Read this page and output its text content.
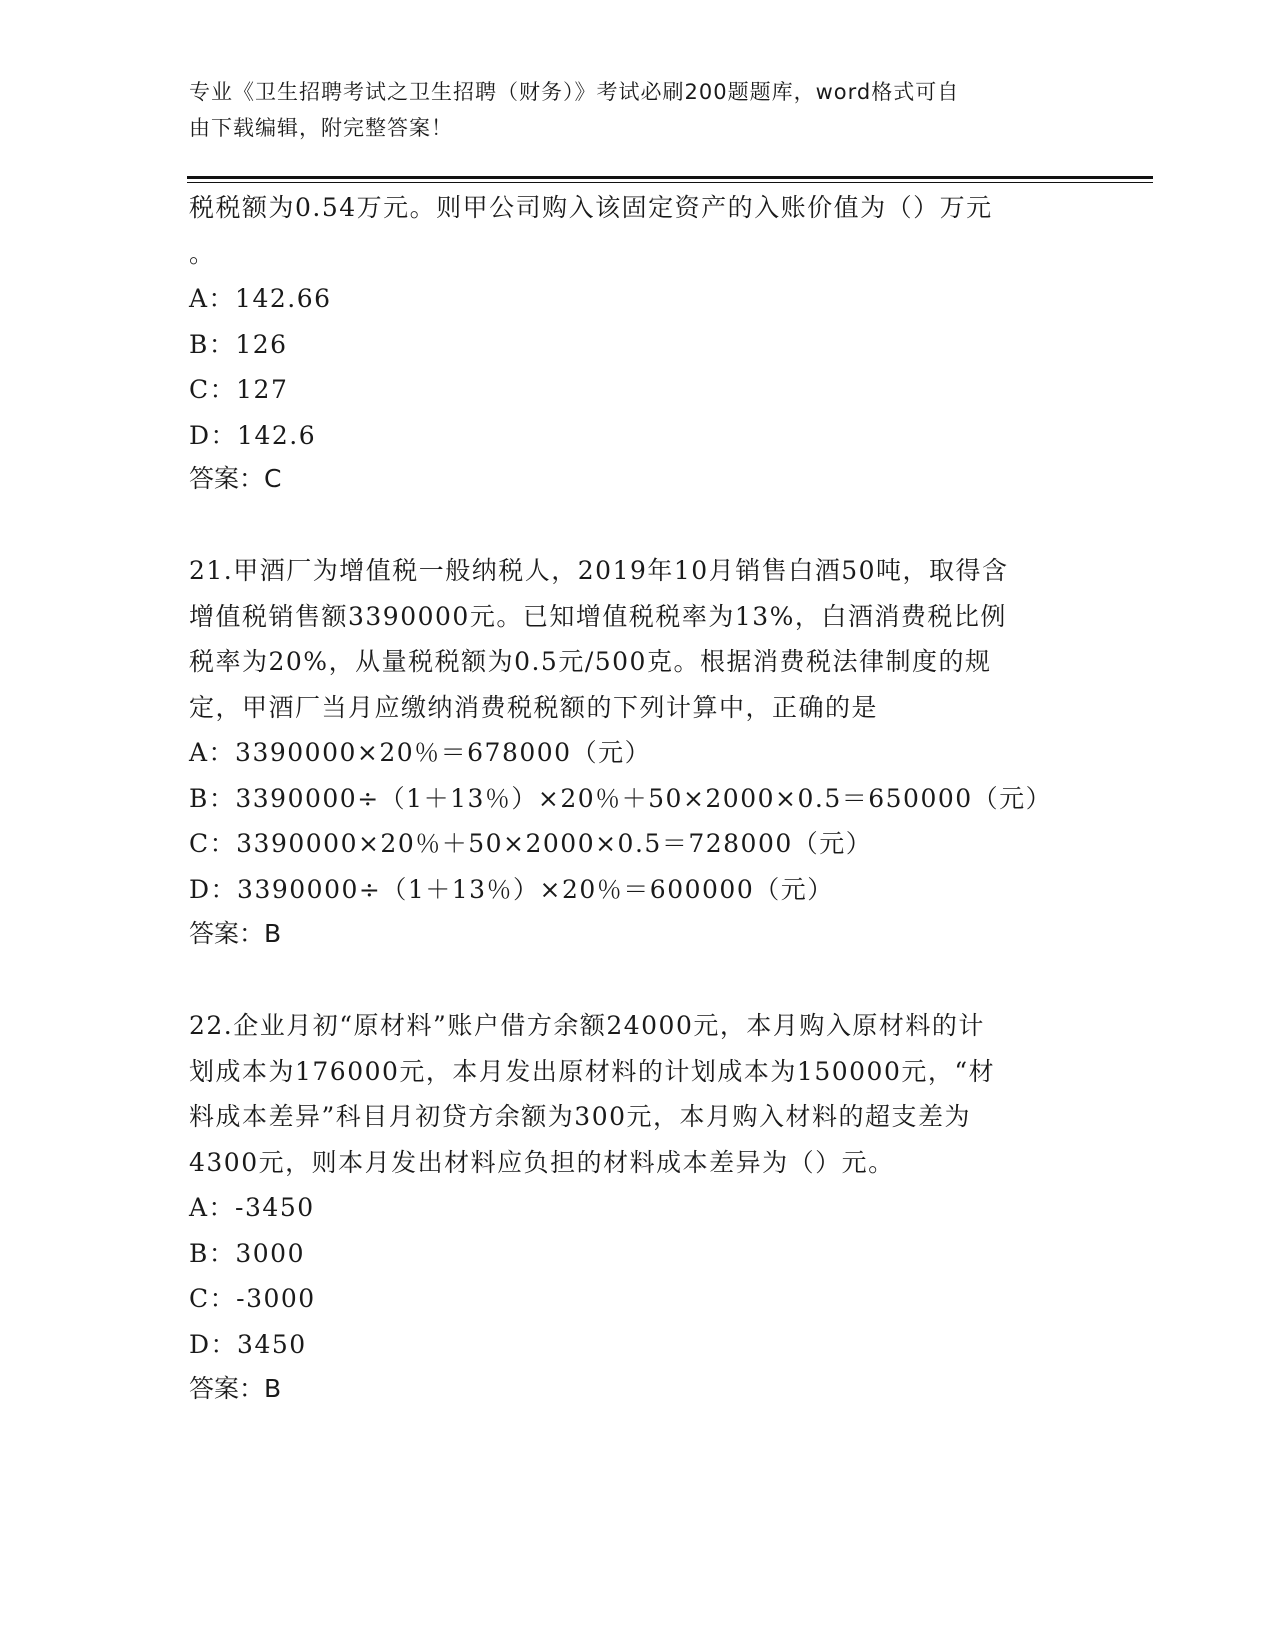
专业《卫生招聘考试之卫生招聘（财务）》考试必刷200题题库，word格式可自
由下载编辑，附完整答案！
税税额为0.54万元。则甲公司购入该固定资产的入账价值为（）万元
。
A：142.66
B：126
C：127
D：142.6
答案：C
21.甲酒厂为增值税一般纳税人，2019年10月销售白酒50吨，取得含
增值税销售额3390000元。已知增值税税率为13%，白酒消费税比例
税率为20%，从量税税额为0.5元/500克。根据消费税法律制度的规
定，甲酒厂当月应缴纳消费税税额的下列计算中，正确的是
A：3390000×20％＝678000（元）
B：3390000÷（1＋13％）×20％＋50×2000×0.5＝650000（元）
C：3390000×20％＋50×2000×0.5＝728000（元）
D：3390000÷（1＋13％）×20％＝600000（元）
答案：B
22.企业月初“原材料”账户借方余额24000元，本月购入原材料的计
划成本为176000元，本月发出原材料的计划成本为150000元，“材
料成本差异”科目月初贷方余额为300元，本月购入材料的超支差为
4300元，则本月发出材料应负担的材料成本差异为（）元。
A：-3450
B：3000
C：-3000
D：3450
答案：B
